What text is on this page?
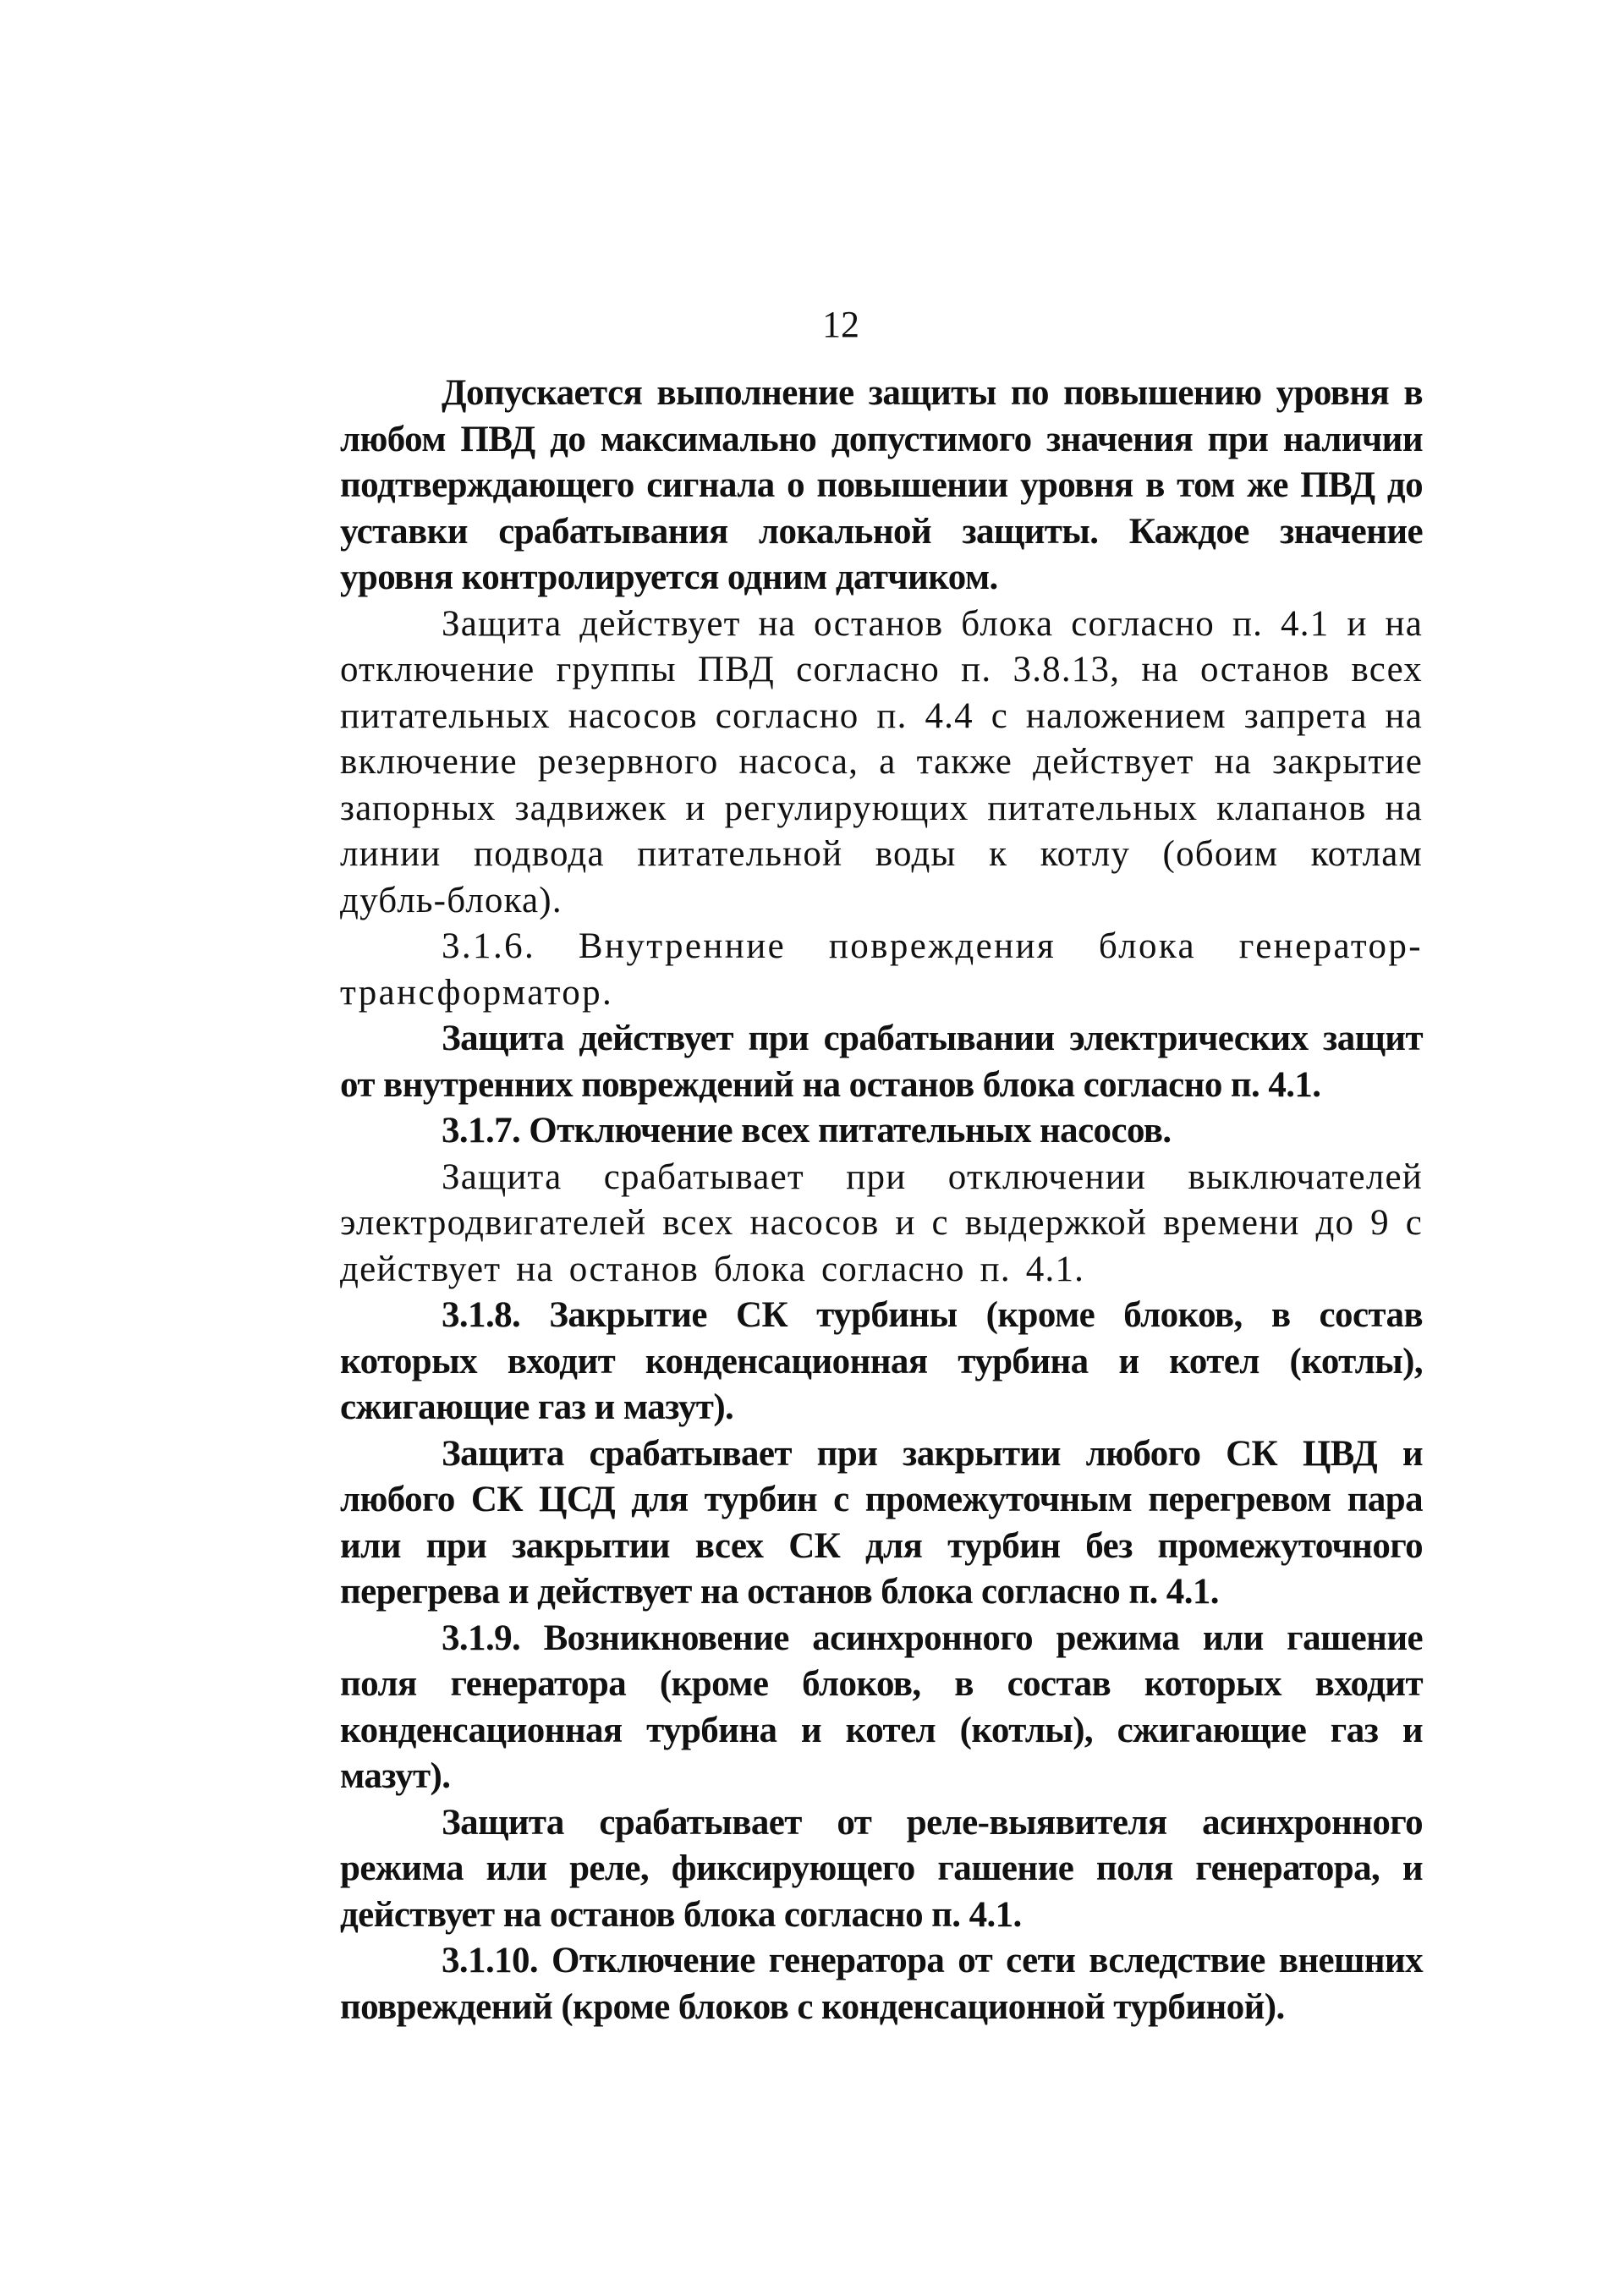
12

Допускается выполнение защиты по повышению уровня в любом ПВД до максимально допустимого значения при наличии подтверждающего сигнала о повышении уровня в том же ПВД до уставки срабатывания локальной защиты. Каждое значение уровня контролируется одним датчиком.

Защита действует на останов блока согласно п. 4.1 и на отключение группы ПВД согласно п. 3.8.13, на останов всех питательных насосов согласно п. 4.4 с наложением запрета на включение резервного насоса, а также действует на закрытие запорных задвижек и регулирующих питательных клапанов на линии подвода питательной воды к котлу (обоим котлам дубль-блока).

3.1.6. Внутренние повреждения блока генератор-трансформатор.

Защита действует при срабатывании электрических защит от внутренних повреждений на останов блока согласно п. 4.1.

3.1.7. Отключение всех питательных насосов.

Защита срабатывает при отключении выключателей электродвигателей всех насосов и с выдержкой времени до 9 с действует на останов блока согласно п. 4.1.

3.1.8. Закрытие СК турбины (кроме блоков, в состав которых входит конденсационная турбина и котел (котлы), сжигающие газ и мазут).

Защита срабатывает при закрытии любого СК ЦВД и любого СК ЦСД для турбин с промежуточным перегревом пара или при закрытии всех СК для турбин без промежуточного перегрева и действует на останов блока согласно п. 4.1.

3.1.9. Возникновение асинхронного режима или гашение поля генератора (кроме блоков, в состав которых входит конденсационная турбина и котел (котлы), сжигающие газ и мазут).

Защита срабатывает от реле-выявителя асинхронного режима или реле, фиксирующего гашение поля генератора, и действует на останов блока согласно п. 4.1.

3.1.10. Отключение генератора от сети вследствие внешних повреждений (кроме блоков с конденсационной турбиной).
